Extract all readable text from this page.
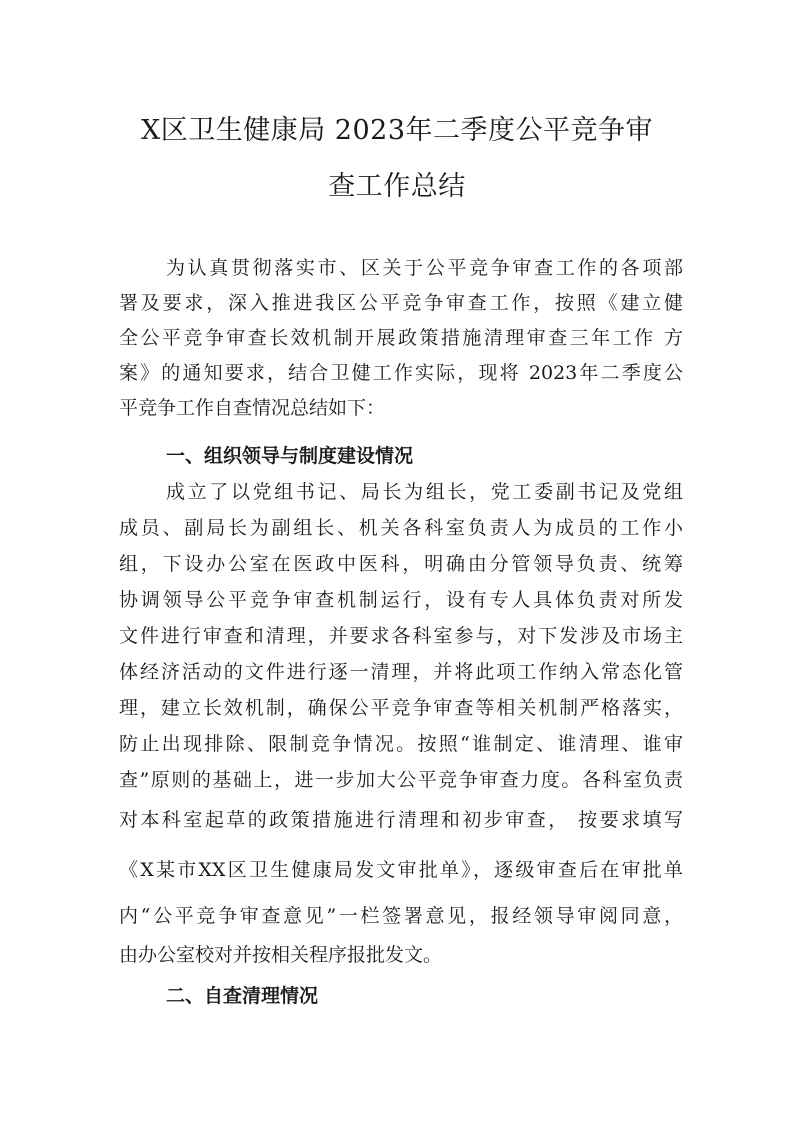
X区卫生健康局 2023年二季度公平竞争审
查工作总结
为认真贯彻落实市、区关于公平竞争审查工作的各项部
署及要求，深入推进我区公平竞争审查工作，按照《建立健
全公平竞争审查长效机制开展政策措施清理审查三年工作 方
案》的通知要求，结合卫健工作实际，现将 2023年二季度公
平竞争工作自查情况总结如下：
一、组织领导与制度建设情况
成立了以党组书记、局长为组长，党工委副书记及党组
成员、副局长为副组长、机关各科室负责人为成员的工作小
组，下设办公室在医政中医科，明确由分管领导负责、统筹
协调领导公平竞争审查机制运行，设有专人具体负责对所发
文件进行审查和清理，并要求各科室参与，对下发涉及市场主
体经济活动的文件进行逐一清理，并将此项工作纳入常态化管
理，建立长效机制，确保公平竞争审查等相关机制严格落实，
防止出现排除、限制竞争情况。按照“谁制定、谁清理、谁审
查”原则的基础上，进一步加大公平竞争审查力度。各科室负责
对本科室起草的政策措施进行清理和初步审查， 按要求填写
《X某市XX区卫生健康局发文审批单》，逐级审查后在审批单
内“公平竞争审查意见”一栏签署意见，报经领导审阅同意，
由办公室校对并按相关程序报批发文。
二、自查清理情况
